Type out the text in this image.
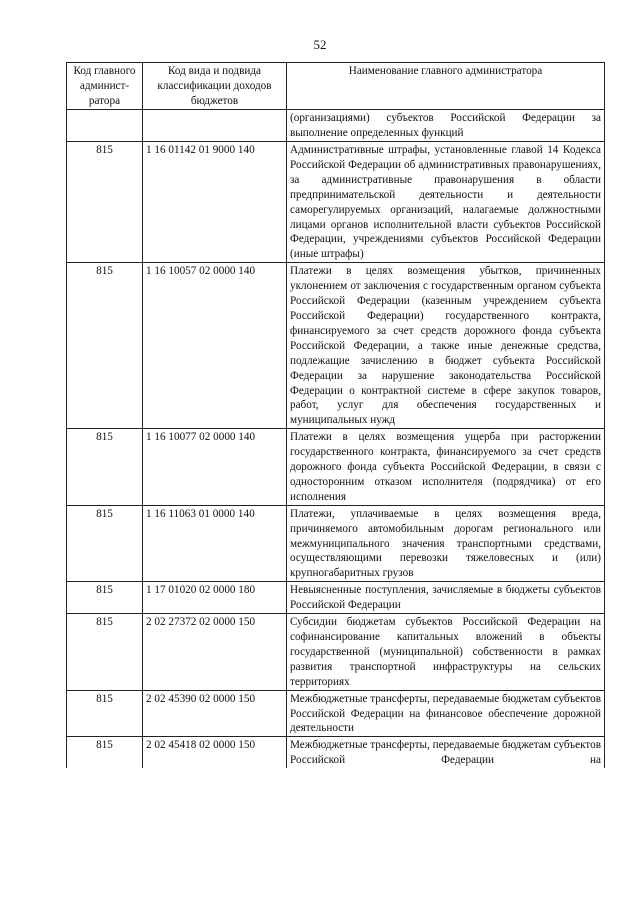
52
Код главного админист-ратора	Код вида и подвида классификации доходов бюджетов	Наименование главного администратора
		(организациями) субъектов Российской Федерации за выполнение определенных функций
815	1 16 01142 01 9000 140	Административные штрафы, установленные главой 14 Кодекса Российской Федерации об административных правонарушениях, за административные правонарушения в области предпринимательской деятельности и деятельности саморегулируемых организаций, налагаемые должностными лицами органов исполнительной власти субъектов Российской Федерации, учреждениями субъектов Российской Федерации (иные штрафы)
815	1 16 10057 02 0000 140	Платежи в целях возмещения убытков, причиненных уклонением от заключения с государственным органом субъекта Российской Федерации (казенным учреждением субъекта Российской Федерации) государственного контракта, финансируемого за счет средств дорожного фонда субъекта Российской Федерации, а также иные денежные средства, подлежащие зачислению в бюджет субъекта Российской Федерации за нарушение законодательства Российской Федерации о контрактной системе в сфере закупок товаров, работ, услуг для обеспечения государственных и муниципальных нужд
815	1 16 10077 02 0000 140	Платежи в целях возмещения ущерба при расторжении государственного контракта, финансируемого за счет средств дорожного фонда субъекта Российской Федерации, в связи с односторонним отказом исполнителя (подрядчика) от его исполнения
815	1 16 11063 01 0000 140	Платежи, уплачиваемые в целях возмещения вреда, причиняемого автомобильным дорогам регионального или межмуниципального значения транспортными средствами, осуществляющими перевозки тяжеловесных и (или) крупногабаритных грузов
815	1 17 01020 02 0000 180	Невыясненные поступления, зачисляемые в бюджеты субъектов Российской Федерации
815	2 02 27372 02 0000 150	Субсидии бюджетам субъектов Российской Федерации на софинансирование капитальных вложений в объекты государственной (муниципальной) собственности в рамках развития транспортной инфраструктуры на сельских территориях
815	2 02 45390 02 0000 150	Межбюджетные трансферты, передаваемые бюджетам субъектов Российской Федерации на финансовое обеспечение дорожной деятельности
815	2 02 45418 02 0000 150	Межбюджетные трансферты, передаваемые бюджетам субъектов Российской Федерации на
